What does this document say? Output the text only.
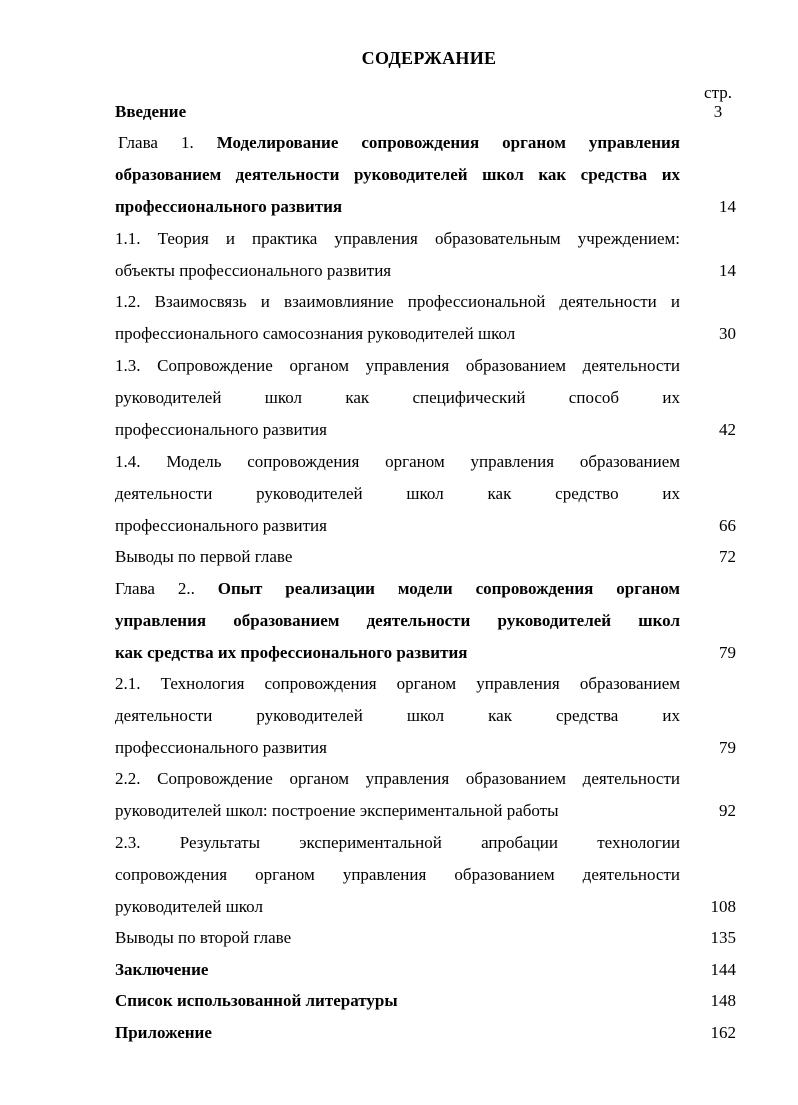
СОДЕРЖАНИЕ
стр.
Введение	3
Глава 1. Моделирование сопровождения органом управления
образованием деятельности руководителей школ как средства их
профессионального развития	14
1.1. Теория и практика управления образовательным учреждением:
объекты профессионального развития	14
1.2. Взаимосвязь и взаимовлияние профессиональной деятельности и
профессионального самосознания руководителей школ	30
1.3. Сопровождение органом управления образованием деятельности
руководителей школ как специфический способ их
профессионального развития	42
1.4. Модель сопровождения органом управления образованием
деятельности руководителей школ как средство их
профессионального развития	66
Выводы по первой главе	72
Глава 2.. Опыт реализации модели сопровождения органом
управления образованием деятельности руководителей школ
как средства их профессионального развития	79
2.1. Технология сопровождения органом управления образованием
деятельности руководителей школ как средства их
профессионального развития	79
2.2. Сопровождение органом управления образованием деятельности
руководителей школ: построение экспериментальной работы	92
2.3. Результаты экспериментальной апробации технологии
сопровождения органом управления образованием деятельности
руководителей школ	108
Выводы по второй главе	135
Заключение	144
Список использованной литературы	148
Приложение	162
